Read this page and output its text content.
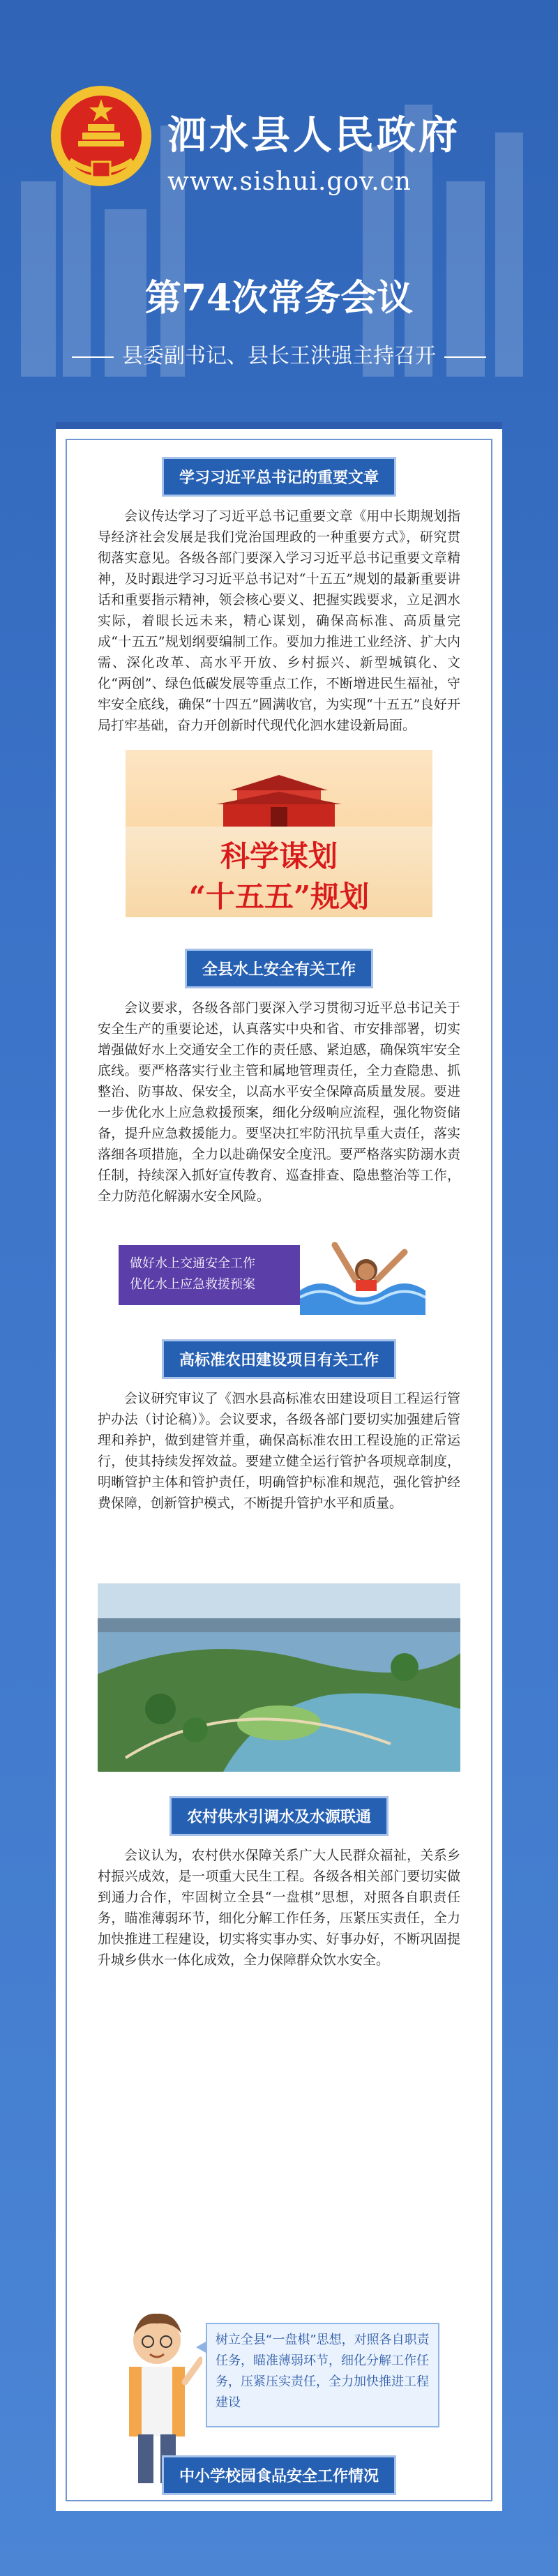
泗水县人民政府
www.sishui.gov.cn
第74次常务会议
县委副书记、县长王洪强主持召开
学习习近平总书记的重要文章
会议传达学习了习近平总书记重要文章《用中长期规划指导经济社会发展是我们党治国理政的一种重要方式》，研究贯彻落实意见。各级各部门要深入学习习近平总书记重要文章精神，及时跟进学习习近平总书记对“十五五”规划的最新重要讲话和重要指示精神，领会核心要义、把握实践要求，立足泗水实际，着眼长远未来，精心谋划，确保高标准、高质量完成“十五五”规划纲要编制工作。要加力推进工业经济、扩大内需、深化改革、高水平开放、乡村振兴、新型城镇化、文化“两创”、绿色低碳发展等重点工作，不断增进民生福祉，守牢安全底线，确保“十四五”圆满收官，为实现“十五五”良好开局打牢基础，奋力开创新时代现代化泗水建设新局面。
科学谋划
“十五五”规划
全县水上安全有关工作
会议要求，各级各部门要深入学习贯彻习近平总书记关于安全生产的重要论述，认真落实中央和省、市安排部署，切实增强做好水上交通安全工作的责任感、紧迫感，确保筑牢安全底线。要严格落实行业主管和属地管理责任，全力查隐患、抓整治、防事故、保安全，以高水平安全保障高质量发展。要进一步优化水上应急救援预案，细化分级响应流程，强化物资储备，提升应急救援能力。要坚决扛牢防汛抗旱重大责任，落实落细各项措施，全力以赴确保安全度汛。要严格落实防溺水责任制，持续深入抓好宣传教育、巡查排查、隐患整治等工作，全力防范化解溺水安全风险。
做好水上交通安全工作
优化水上应急救援预案
高标准农田建设项目有关工作
会议研究审议了《泗水县高标准农田建设项目工程运行管护办法（讨论稿）》。会议要求，各级各部门要切实加强建后管理和养护，做到建管并重，确保高标准农田工程设施的正常运行，使其持续发挥效益。要建立健全运行管护各项规章制度，明晰管护主体和管护责任，明确管护标准和规范，强化管护经费保障，创新管护模式，不断提升管护水平和质量。
农村供水引调水及水源联通
会议认为，农村供水保障关系广大人民群众福祉，关系乡村振兴成效，是一项重大民生工程。各级各相关部门要切实做到通力合作，牢固树立全县“一盘棋”思想，对照各自职责任务，瞄准薄弱环节，细化分解工作任务，压紧压实责任，全力加快推进工程建设，切实将实事办实、好事办好，不断巩固提升城乡供水一体化成效，全力保障群众饮水安全。
树立全县“一盘棋”思想，对照各自职责任务，瞄准薄弱环节，细化分解工作任务，压紧压实责任，全力加快推进工程建设
中小学校园食品安全工作情况
